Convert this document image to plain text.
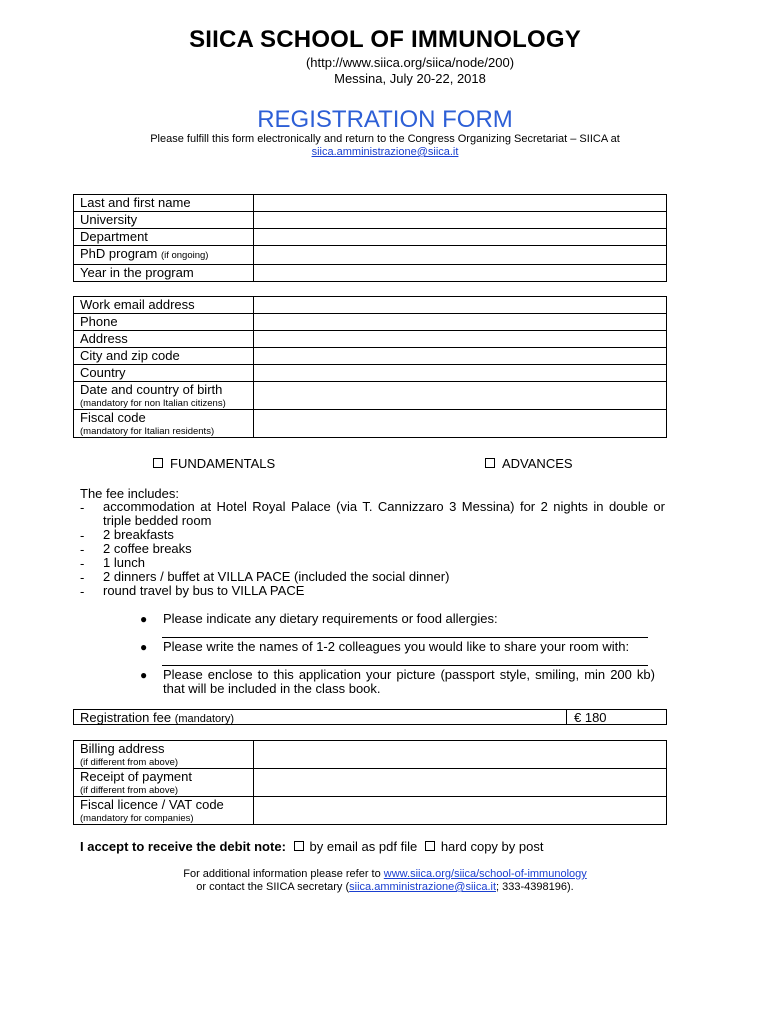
SIICA SCHOOL OF IMMUNOLOGY
(http://www.siica.org/siica/node/200)
Messina, July 20-22, 2018
REGISTRATION FORM
Please fulfill this form electronically and return to the Congress Organizing Secretariat – SIICA at
siica.amministrazione@siica.it
Last and first name	
University	
Department	
PhD program (if ongoing)	
Year in the program	
Work email address	
Phone	
Address	
City and zip code	
Country	
Date and country of birth
(mandatory for non Italian citizens)	

Fiscal code
(mandatory for Italian residents)	

FUNDAMENTALS	ADVANCES
The fee includes:
- accommodation at Hotel Royal Palace (via T. Cannizzaro 3 Messina) for 2 nights in double or triple bedded room
- 2 breakfasts
- 2 coffee breaks
- 1 lunch
- 2 dinners / buffet at VILLA PACE (included the social dinner)
- round travel by bus to VILLA PACE
● Please indicate any dietary requirements or food allergies:
● Please write the names of 1-2 colleagues you would like to share your room with:
● Please enclose to this application your picture (passport style, smiling, min 200 kb) that will be included in the class book.
Registration fee (mandatory)	€ 180
Billing address
(if different from above)	

Receipt of payment
(if different from above)	

Fiscal licence / VAT code
(mandatory for companies)	

I accept to receive the debit note: by email as pdf file hard copy by post
For additional information please refer to www.siica.org/siica/school-of-immunology
or contact the SIICA secretary (siica.amministrazione@siica.it; 333-4398196).
